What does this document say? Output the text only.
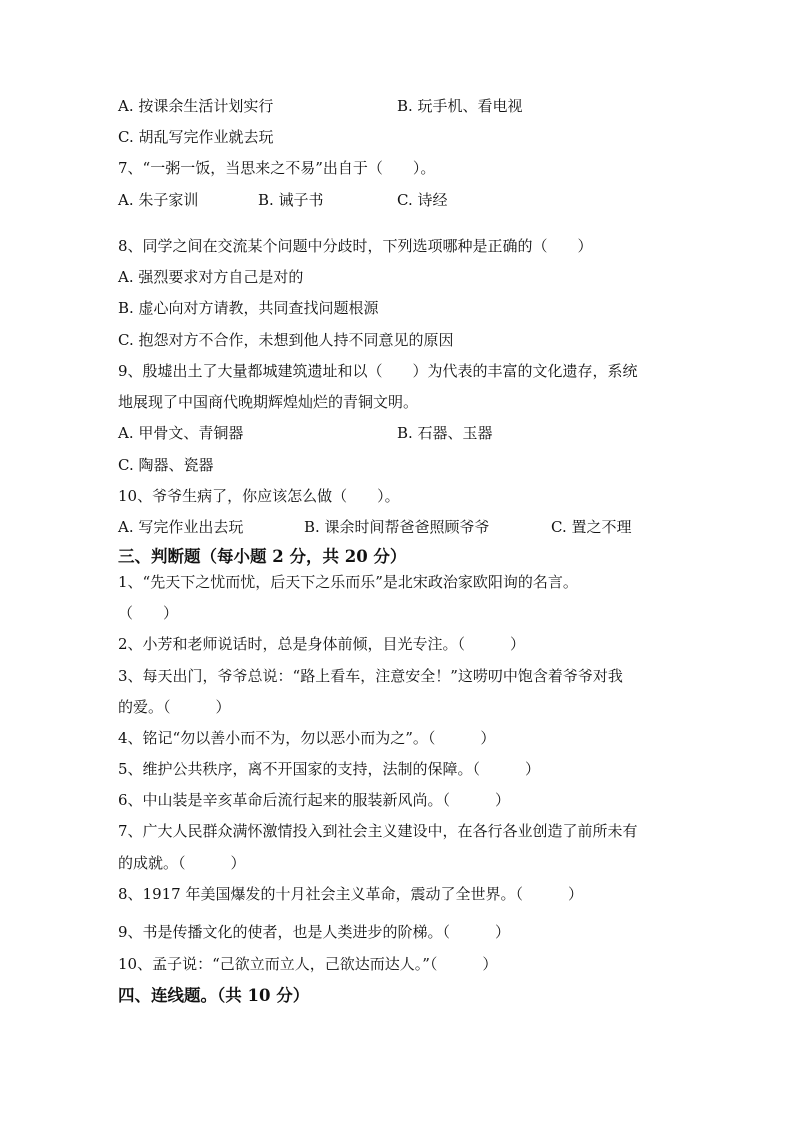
A. 按课余生活计划实行	B. 玩手机、看电视
C. 胡乱写完作业就去玩
7、“一粥一饭，当思来之不易”出自于（　　）。
A. 朱子家训	B. 诫子书	C. 诗经
8、同学之间在交流某个问题中分歧时，下列选项哪种是正确的（　　）
A. 强烈要求对方自己是对的
B. 虚心向对方请教，共同查找问题根源
C. 抱怨对方不合作，未想到他人持不同意见的原因
9、殷墟出土了大量都城建筑遗址和以（　　）为代表的丰富的文化遗存，系统
地展现了中国商代晚期辉煌灿烂的青铜文明。
A. 甲骨文、青铜器	B. 石器、玉器
C. 陶器、瓷器
10、爷爷生病了，你应该怎么做（　　）。
A. 写完作业出去玩	B. 课余时间帮爸爸照顾爷爷	C. 置之不理
三、判断题（每小题 2 分，共 20 分）
1、“先天下之忧而忧，后天下之乐而乐”是北宋政治家欧阳询的名言。
（　　）
2、小芳和老师说话时，总是身体前倾，目光专注。（　　　）
3、每天出门，爷爷总说：“路上看车，注意安全！”这唠叨中饱含着爷爷对我
的爱。（　　　）
4、铭记“勿以善小而不为，勿以恶小而为之”。（　　　）
5、维护公共秩序，离不开国家的支持，法制的保障。（　　　）
6、中山装是辛亥革命后流行起来的服装新风尚。（　　　）
7、广大人民群众满怀激情投入到社会主义建设中，在各行各业创造了前所未有
的成就。（　　　）
8、1917 年美国爆发的十月社会主义革命，震动了全世界。（　　　）
9、书是传播文化的使者，也是人类进步的阶梯。（　　　）
10、孟子说：“己欲立而立人，己欲达而达人。”（　　　）
四、连线题。（共 10 分）
